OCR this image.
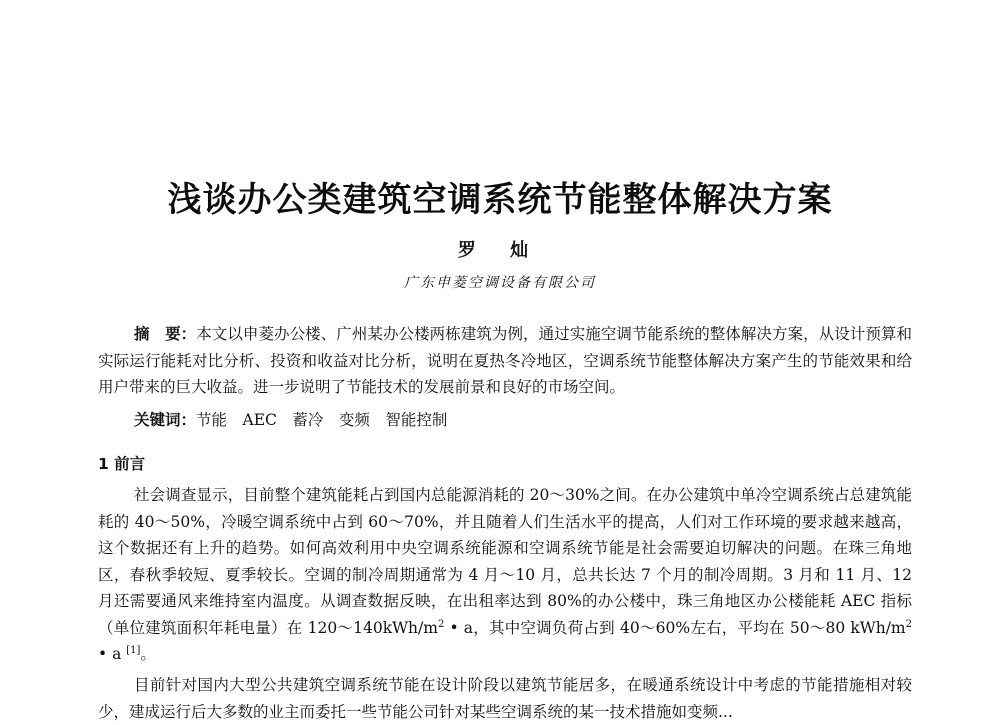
浅谈办公类建筑空调系统节能整体解决方案
罗 灿
广东申菱空调设备有限公司

摘　要：本文以申菱办公楼、广州某办公楼两栋建筑为例，通过实施空调节能系统的整体解决方案，从设计预算和实际运行能耗对比分析、投资和收益对比分析，说明在夏热冬冷地区，空调系统节能整体解决方案产生的节能效果和给用户带来的巨大收益。进一步说明了节能技术的发展前景和良好的市场空间。

关键词：节能　AEC　蓄冷　变频　智能控制
1 前言

社会调查显示，目前整个建筑能耗占到国内总能源消耗的 20～30%之间。在办公建筑中单冷空调系统占总建筑能耗的 40～50%，冷暖空调系统中占到 60～70%，并且随着人们生活水平的提高，人们对工作环境的要求越来越高，这个数据还有上升的趋势。如何高效利用中央空调系统能源和空调系统节能是社会需要迫切解决的问题。在珠三角地区，春秋季较短、夏季较长。空调的制冷周期通常为 4 月～10 月，总共长达 7 个月的制冷周期。3 月和 11 月、12 月还需要通风来维持室内温度。从调查数据反映，在出租率达到 80%的办公楼中，珠三角地区办公楼能耗 AEC 指标（单位建筑面积年耗电量）在 $120\sim 140kWh/m^2$ • a，其中空调负荷占到 40～60%左右，平均在 50～80 kWh/$m^2$ • a [1]。

目前针对国内大型公共建筑空调系统节能在设计阶段以建筑节能居多，在暖通系统设计中考虑的节能措施相对较少，建成运行后大多数的业主而委托一些节能公司针对某些空调系统的某一技术措施如变频...
